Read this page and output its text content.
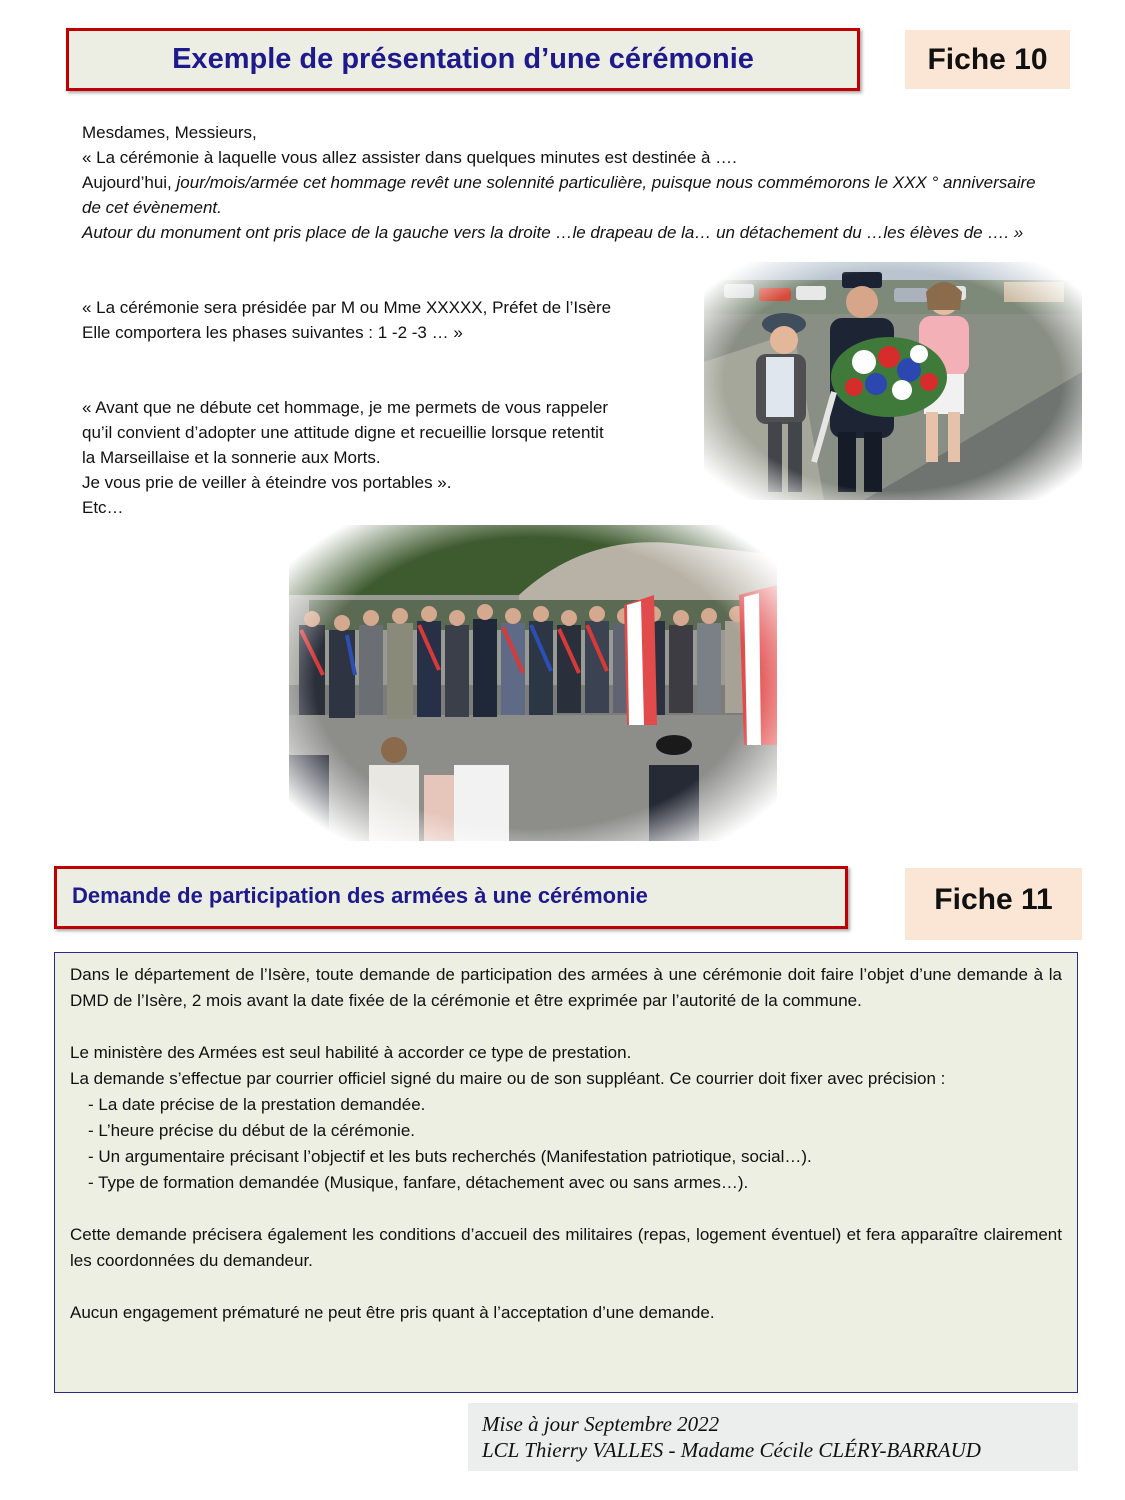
Exemple de présentation d’une cérémonie	Fiche 10
Mesdames, Messieurs,
« La cérémonie à laquelle vous allez assister dans quelques minutes est destinée à ….
Aujourd’hui, jour/mois/armée cet hommage revêt une solennité particulière, puisque nous commémorons le XXX ° anniversaire de cet évènement.
Autour du monument ont pris place de la gauche vers la droite …le drapeau de la… un détachement du …les élèves de …. »
« La cérémonie sera présidée par M ou Mme XXXXX, Préfet de l’Isère
Elle comportera les phases suivantes : 1 -2 -3 … »
« Avant que ne débute cet hommage, je me permets de vous rappeler
qu’il convient d’adopter une attitude digne et recueillie lorsque retentit
la Marseillaise et la sonnerie aux Morts.
Je vous prie de veiller à éteindre vos portables ».
Etc…
Demande de participation des armées à une cérémonie	Fiche 11

Dans le département de l’Isère, toute demande de participation des armées à une cérémonie doit faire l’objet d’une demande à la DMD de l’Isère, 2 mois avant la date fixée de la cérémonie et être exprimée par l’autorité de la commune.

Le ministère des Armées est seul habilité à accorder ce type de prestation.

La demande s’effectue par courrier officiel signé du maire ou de son suppléant. Ce courrier doit fixer avec précision :

- La date précise de la prestation demandée.
- L’heure précise du début de la cérémonie.
- Un argumentaire précisant l’objectif et les buts recherchés (Manifestation patriotique, social…).
- Type de formation demandée (Musique, fanfare, détachement avec ou sans armes…).

Cette demande précisera également les conditions d’accueil des militaires (repas, logement éventuel) et fera apparaître clairement les coordonnées du demandeur.

Aucun engagement prématuré ne peut être pris quant à l’acceptation d’une demande.

Mise à jour Septembre 2022
LCL Thierry VALLES - Madame Cécile CLÉRY-BARRAUD
